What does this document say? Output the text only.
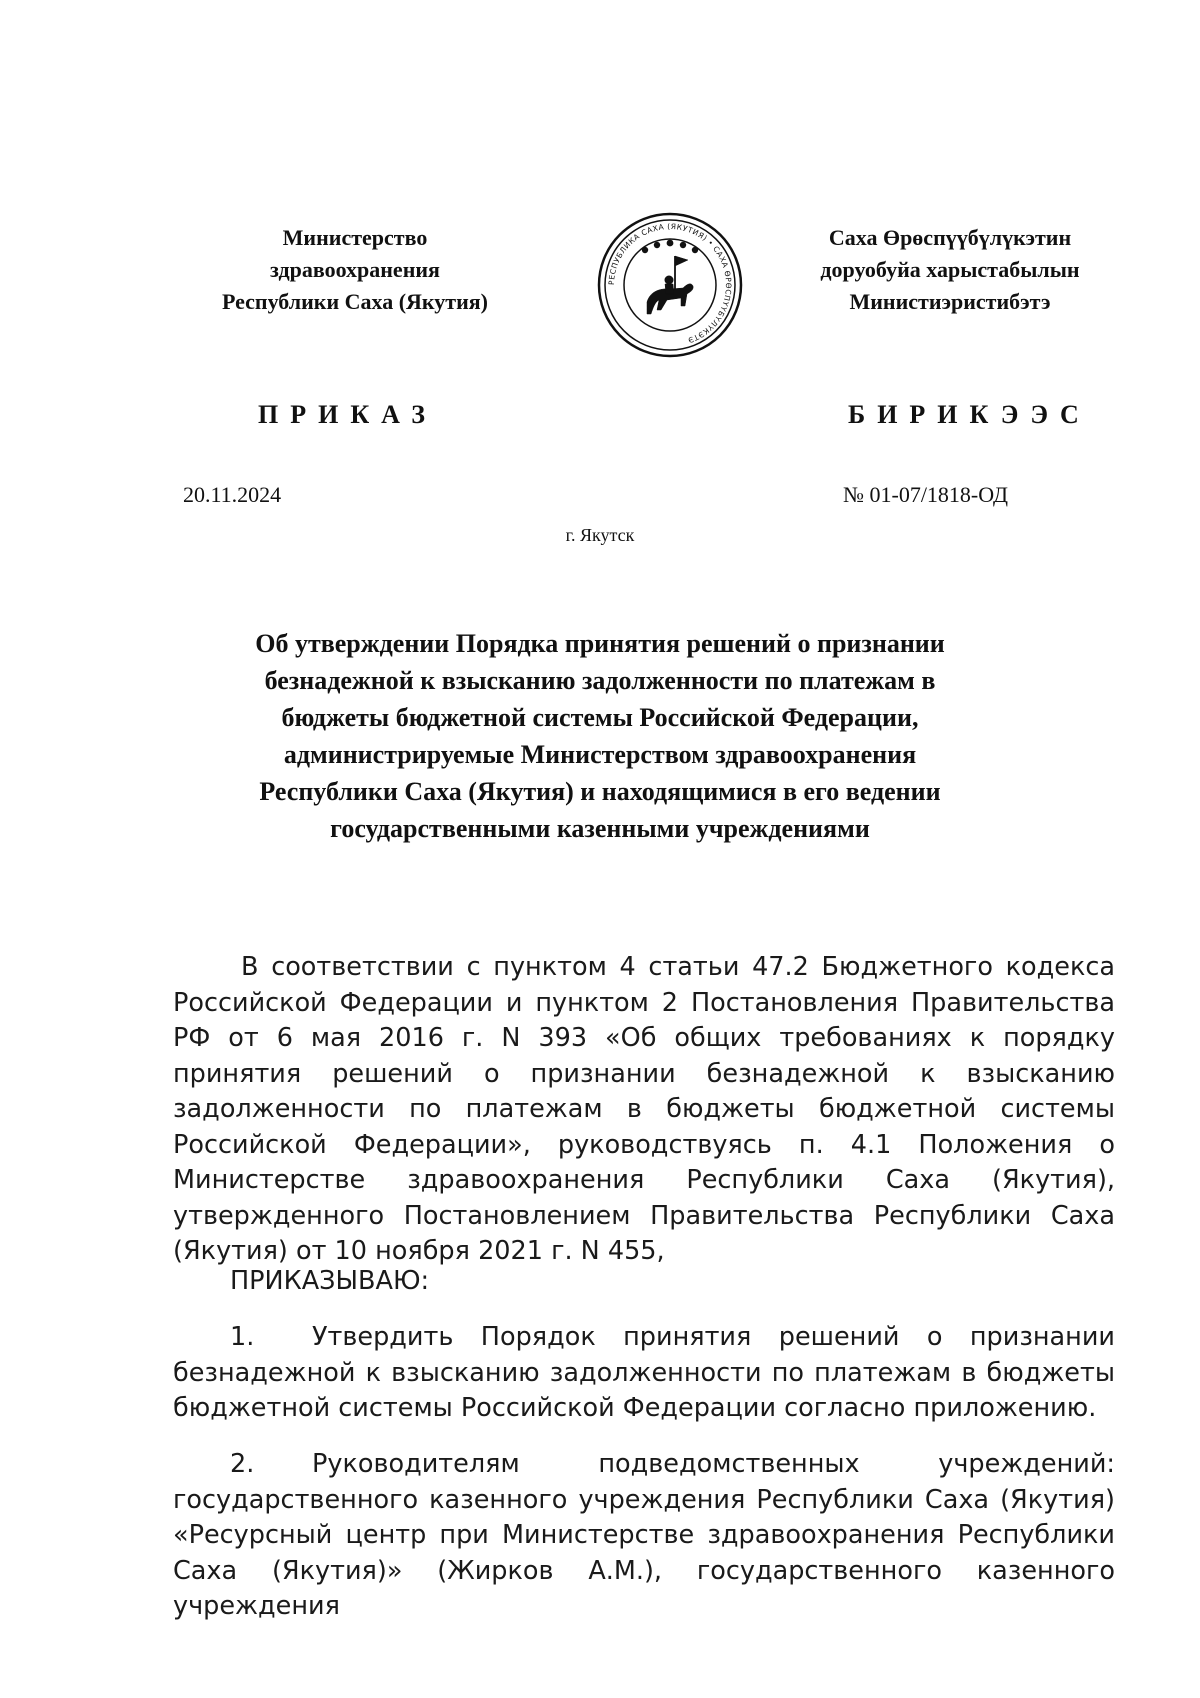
Министерство
здравоохранения
Республики Саха (Якутия)
РЕСПУБЛИКА САХА (ЯКУТИЯ) • САХА ӨРӨСПҮҮБҮЛҮКЭТЭ
Саха Өрөспүүбүлүкэтин
доруобуйа харыстабылын
Министиэристибэтэ
ПРИКАЗ	БИРИКЭЭС
20.11.2024	№ 01-07/1818-ОД
г. Якутск
Об утверждении Порядка принятия решений о признании
безнадежной к взысканию задолженности по платежам в
бюджеты бюджетной системы Российской Федерации,
администрируемые Министерством здравоохранения
Республики Саха (Якутия) и находящимися в его ведении
государственными казенными учреждениями
В соответствии с пунктом 4 статьи 47.2 Бюджетного кодекса Российской Федерации и пунктом 2 Постановления Правительства РФ от 6 мая 2016 г. N 393 «Об общих требованиях к порядку принятия решений о признании безнадежной к взысканию задолженности по платежам в бюджеты бюджетной системы Российской Федерации», руководствуясь п. 4.1 Положения о Министерстве здравоохранения Республики Саха (Якутия), утвержденного Постановлением Правительства Республики Саха (Якутия) от 10 ноября 2021 г. N 455,
ПРИКАЗЫВАЮ:
1. Утвердить Порядок принятия решений о признании безнадежной к взысканию задолженности по платежам в бюджеты бюджетной системы Российской Федерации согласно приложению.
2. Руководителям подведомственных учреждений: государственного казенного учреждения Республики Саха (Якутия) «Ресурсный центр при Министерстве здравоохранения Республики Саха (Якутия)» (Жирков А.М.), государственного казенного учреждения
